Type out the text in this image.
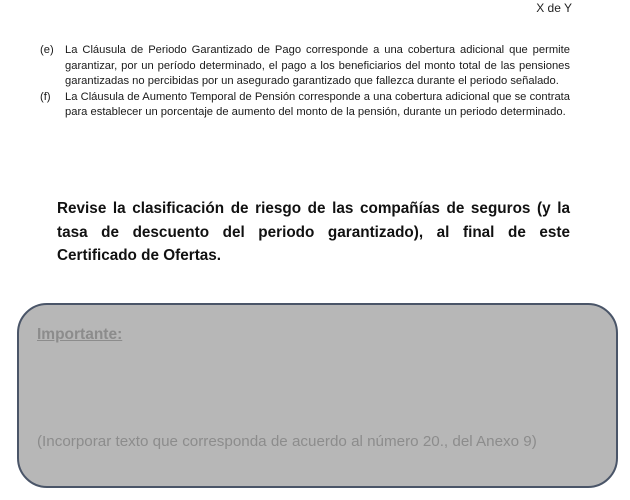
X de Y

(e)	La Cláusula de Periodo Garantizado de Pago corresponde a una cobertura adicional que permite garantizar, por un período determinado, el pago a los beneficiarios del monto total de las pensiones garantizadas no percibidas por un asegurado garantizado que fallezca durante el periodo señalado.

(f)	La Cláusula de Aumento Temporal de Pensión corresponde a una cobertura adicional que se contrata para establecer un porcentaje de aumento del monto de la pensión, durante un periodo determinado.

Revise la clasificación de riesgo de las compañías de seguros (y la tasa de descuento del periodo garantizado), al final de este Certificado de Ofertas.

Importante:

(Incorporar texto que corresponda de acuerdo al número 20., del Anexo 9)
